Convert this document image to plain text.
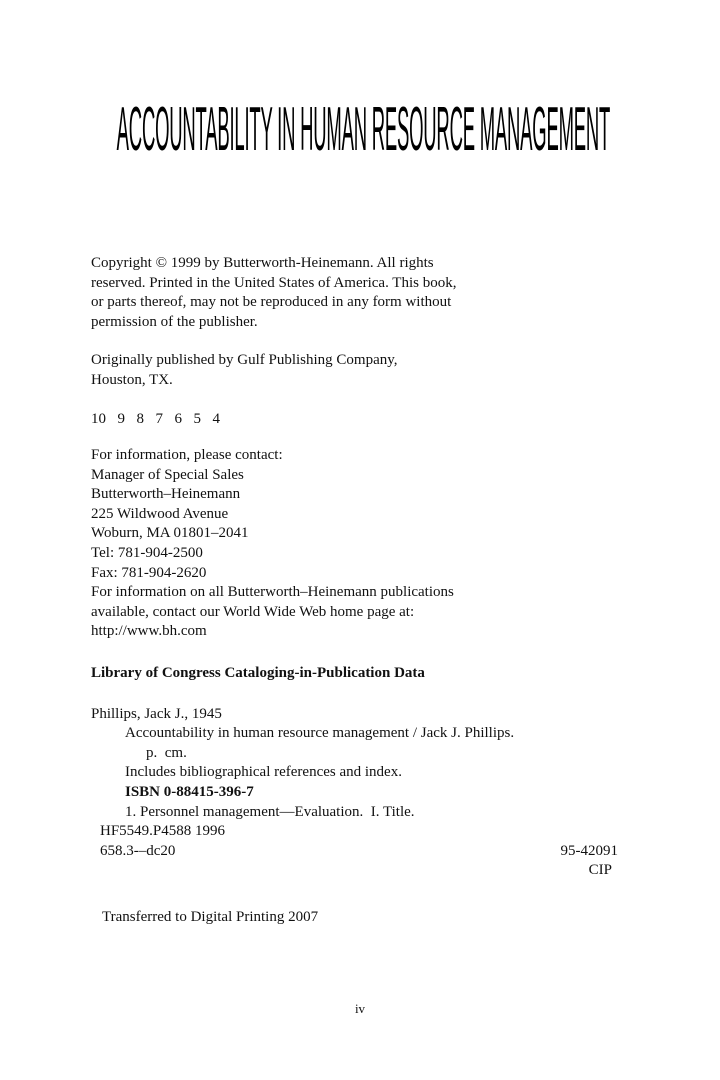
ACCOUNTABILITY IN HUMAN RESOURCE MANAGEMENT
Copyright © 1999 by Butterworth-Heinemann. All rights
reserved. Printed in the United States of America. This book,
or parts thereof, may not be reproduced in any form without
permission of the publisher.
Originally published by Gulf Publishing Company,
Houston, TX.
10  9  8  7  6  5  4
For information, please contact:
Manager of Special Sales
Butterworth–Heinemann
225 Wildwood Avenue
Woburn, MA 01801–2041
Tel: 781-904-2500
Fax: 781-904-2620
For information on all Butterworth–Heinemann publications
available, contact our World Wide Web home page at:
http://www.bh.com
Library of Congress Cataloging-in-Publication Data
Phillips, Jack J., 1945
Accountability in human resource management / Jack J. Phillips.
p.  cm.
Includes bibliographical references and index.
ISBN 0-88415-396-7
1. Personnel management—Evaluation.  I. Title.
HF5549.P4588 1996
658.3-–dc20	95-42091
CIP
Transferred to Digital Printing 2007
iv
